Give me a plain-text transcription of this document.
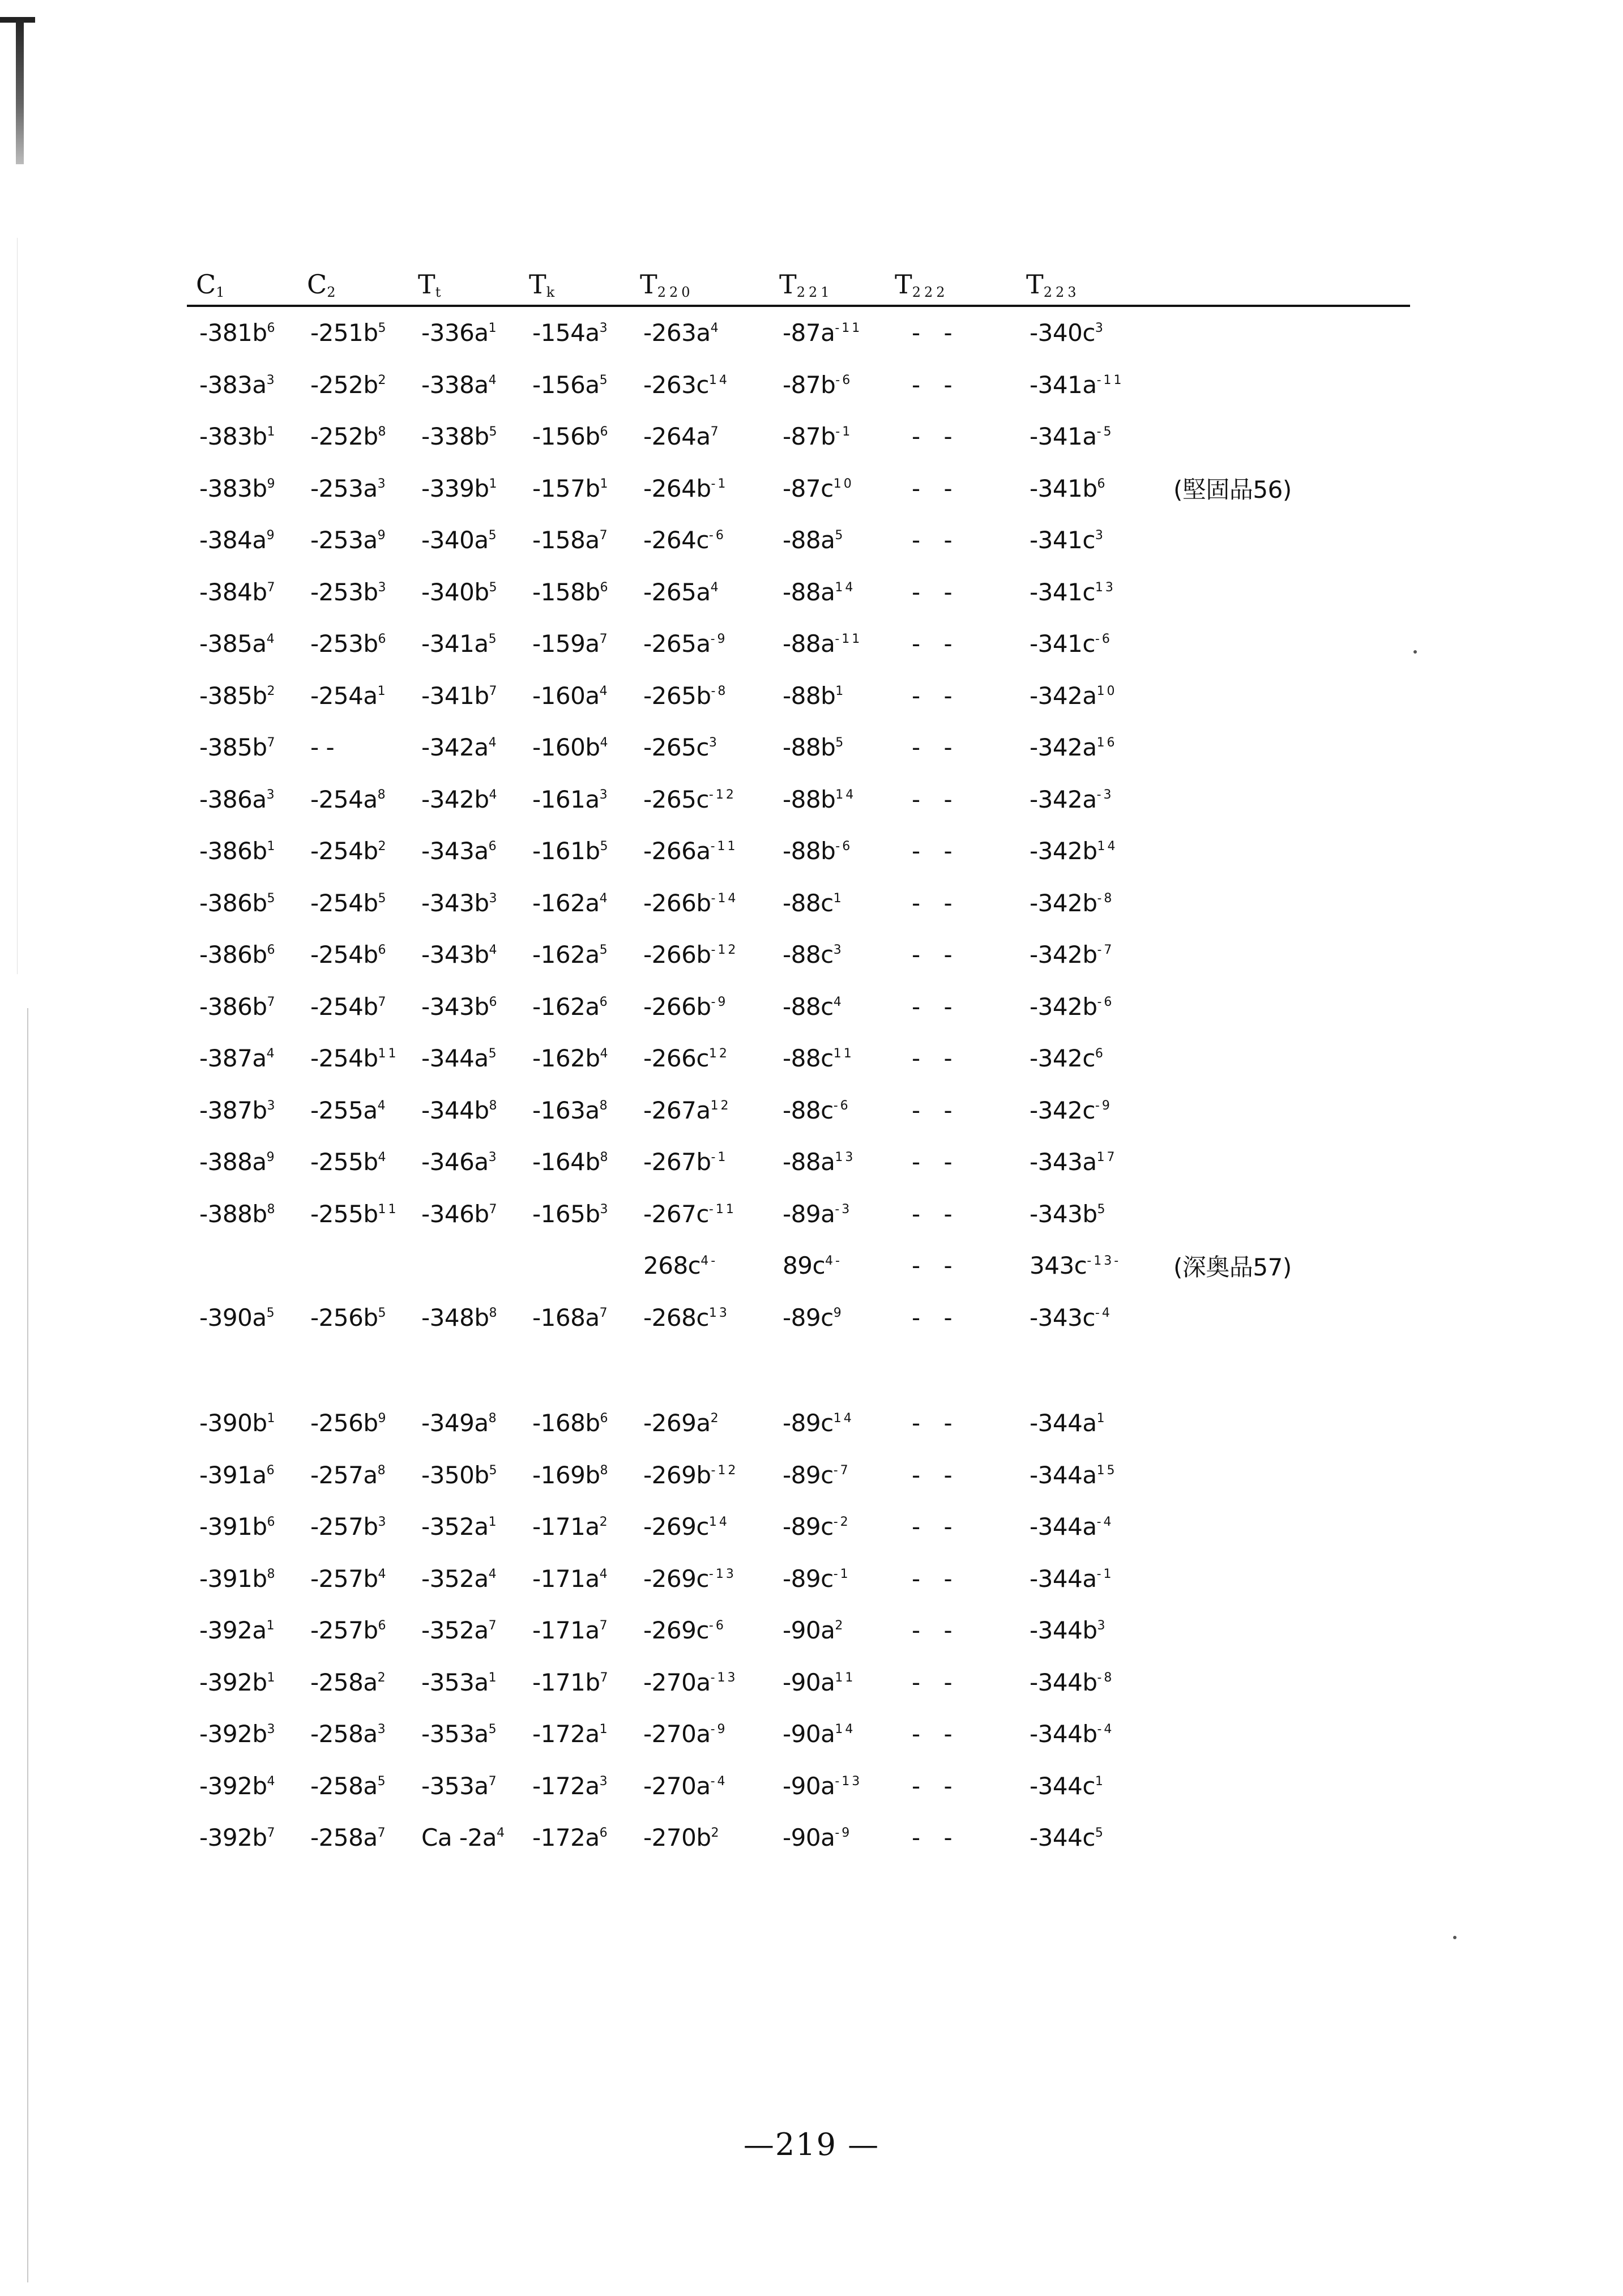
$C_1$	$C_2$	$T_t$	$T_k$	$T_{220}$	$T_{221}$	$T_{222}$	$T_{223}$	
$-381b^6$	$-251b^5$	$-336a^1$	$-154a^3$	$-263a^4$	$-87a^{-11}$	- -	$-340c^3$	
$-383a^3$	$-252b^2$	$-338a^4$	$-156a^5$	$-263c^{14}$	$-87b^{-6}$	- -	$-341a^{-11}$	
$-383b^1$	$-252b^8$	$-338b^5$	$-156b^6$	$-264a^7$	$-87b^{-1}$	- -	$-341a^{-5}$	
$-383b^9$	$-253a^3$	$-339b^1$	$-157b^1$	$-264b^{-1}$	$-87c^{10}$	- -	$-341b^6$	(堅固品56)
$-384a^9$	$-253a^9$	$-340a^5$	$-158a^7$	$-264c^{-6}$	$-88a^5$	- -	$-341c^3$	
$-384b^7$	$-253b^3$	$-340b^5$	$-158b^6$	$-265a^4$	$-88a^{14}$	- -	$-341c^{13}$	
$-385a^4$	$-253b^6$	$-341a^5$	$-159a^7$	$-265a^{-9}$	$-88a^{-11}$	- -	$-341c^{-6}$	
$-385b^2$	$-254a^1$	$-341b^7$	$-160a^4$	$-265b^{-8}$	$-88b^1$	- -	$-342a^{10}$	
$-385b^7$	- -	$-342a^4$	$-160b^4$	$-265c^3$	$-88b^5$	- -	$-342a^{16}$	
$-386a^3$	$-254a^8$	$-342b^4$	$-161a^3$	$-265c^{-12}$	$-88b^{14}$	- -	$-342a^{-3}$	
$-386b^1$	$-254b^2$	$-343a^6$	$-161b^5$	$-266a^{-11}$	$-88b^{-6}$	- -	$-342b^{14}$	
$-386b^5$	$-254b^5$	$-343b^3$	$-162a^4$	$-266b^{-14}$	$-88c^1$	- -	$-342b^{-8}$	
$-386b^6$	$-254b^6$	$-343b^4$	$-162a^5$	$-266b^{-12}$	$-88c^3$	- -	$-342b^{-7}$	
$-386b^7$	$-254b^7$	$-343b^6$	$-162a^6$	$-266b^{-9}$	$-88c^4$	- -	$-342b^{-6}$	
$-387a^4$	$-254b^{11}$	$-344a^5$	$-162b^4$	$-266c^{12}$	$-88c^{11}$	- -	$-342c^6$	
$-387b^3$	$-255a^4$	$-344b^8$	$-163a^8$	$-267a^{12}$	$-88c^{-6}$	- -	$-342c^{-9}$	
$-388a^9$	$-255b^4$	$-346a^3$	$-164b^8$	$-267b^{-1}$	$-88a^{13}$	- -	$-343a^{17}$	
$-388b^8$	$-255b^{11}$	$-346b^7$	$-165b^3$	$-267c^{-11}$	$-89a^{-3}$	- -	$-343b^5$	
				$268c^{4-}$	$89c^{4-}$	- -	$343c^{-13-}$	(深奥品57)
$-390a^5$	$-256b^5$	$-348b^8$	$-168a^7$	$-268c^{13}$	$-89c^9$	- -	$-343c^{-4}$	

$-390b^1$	$-256b^9$	$-349a^8$	$-168b^6$	$-269a^2$	$-89c^{14}$	- -	$-344a^1$	
$-391a^6$	$-257a^8$	$-350b^5$	$-169b^8$	$-269b^{-12}$	$-89c^{-7}$	- -	$-344a^{15}$	
$-391b^6$	$-257b^3$	$-352a^1$	$-171a^2$	$-269c^{14}$	$-89c^{-2}$	- -	$-344a^{-4}$	
$-391b^8$	$-257b^4$	$-352a^4$	$-171a^4$	$-269c^{-13}$	$-89c^{-1}$	- -	$-344a^{-1}$	
$-392a^1$	$-257b^6$	$-352a^7$	$-171a^7$	$-269c^{-6}$	$-90a^2$	- -	$-344b^3$	
$-392b^1$	$-258a^2$	$-353a^1$	$-171b^7$	$-270a^{-13}$	$-90a^{11}$	- -	$-344b^{-8}$	
$-392b^3$	$-258a^3$	$-353a^5$	$-172a^1$	$-270a^{-9}$	$-90a^{14}$	- -	$-344b^{-4}$	
$-392b^4$	$-258a^5$	$-353a^7$	$-172a^3$	$-270a^{-4}$	$-90a^{-13}$	- -	$-344c^1$	
$-392b^7$	$-258a^7$	Ca $-2a^4$	$-172a^6$	$-270b^2$	$-90a^{-9}$	- -	$-344c^5$	
—219 —
